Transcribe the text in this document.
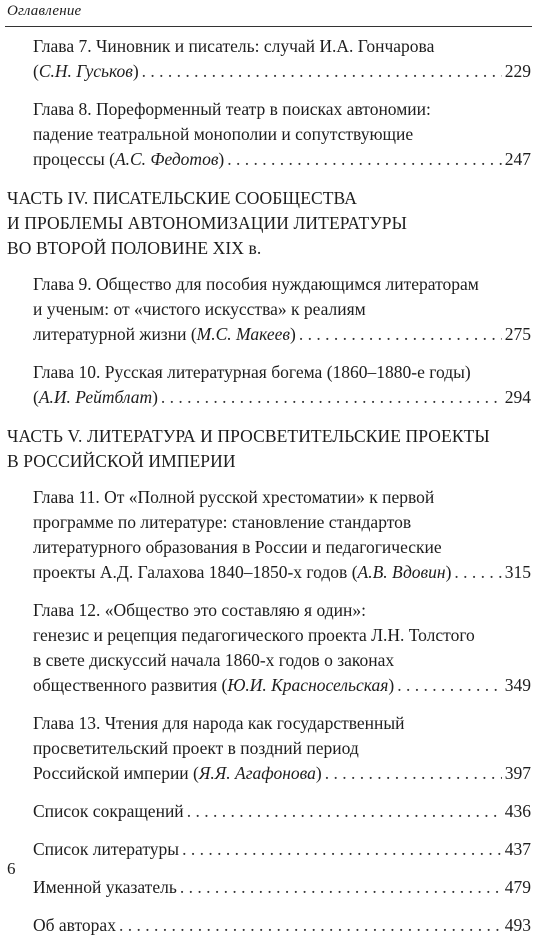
Оглавление
Глава 7. Чиновник и писатель: случай И.А. Гончарова
(С.Н. Гуськов) . . .	229
Глава 8. Пореформенный театр в поисках автономии:
падение театральной монополии и сопутствующие
процессы (А.С. Федотов) . . .	247
ЧАСТЬ IV. ПИСАТЕЛЬСКИЕ СООБЩЕСТВА
И ПРОБЛЕМЫ АВТОНОМИЗАЦИИ ЛИТЕРАТУРЫ
ВО ВТОРОЙ ПОЛОВИНЕ XIX в.
Глава 9. Общество для пособия нуждающимся литераторам
и ученым: от «чистого искусства» к реалиям
литературной жизни (М.С. Макеев) . . .	275
Глава 10. Русская литературная богема (1860–1880-е годы)
(А.И. Рейтблат) . . .	294
ЧАСТЬ V. ЛИТЕРАТУРА И ПРОСВЕТИТЕЛЬСКИЕ ПРОЕКТЫ
В РОССИЙСКОЙ ИМПЕРИИ
Глава 11. От «Полной русской хрестоматии» к первой
программе по литературе: становление стандартов
литературного образования в России и педагогические
проекты А.Д. Галахова 1840–1850-х годов (А.В. Вдовин) . . .	315
Глава 12. «Общество это составляю я один»:
генезис и рецепция педагогического проекта Л.Н. Толстого
в свете дискуссий начала 1860-х годов о законах
общественного развития (Ю.И. Красносельская) . . .	349
Глава 13. Чтения для народа как государственный
просветительский проект в поздний период
Российской империи (Я.Я. Агафонова) . . .	397
Список сокращений . . .	436
Список литературы . . .	437
Именной указатель . . .	479
Об авторах . . .	493
6
